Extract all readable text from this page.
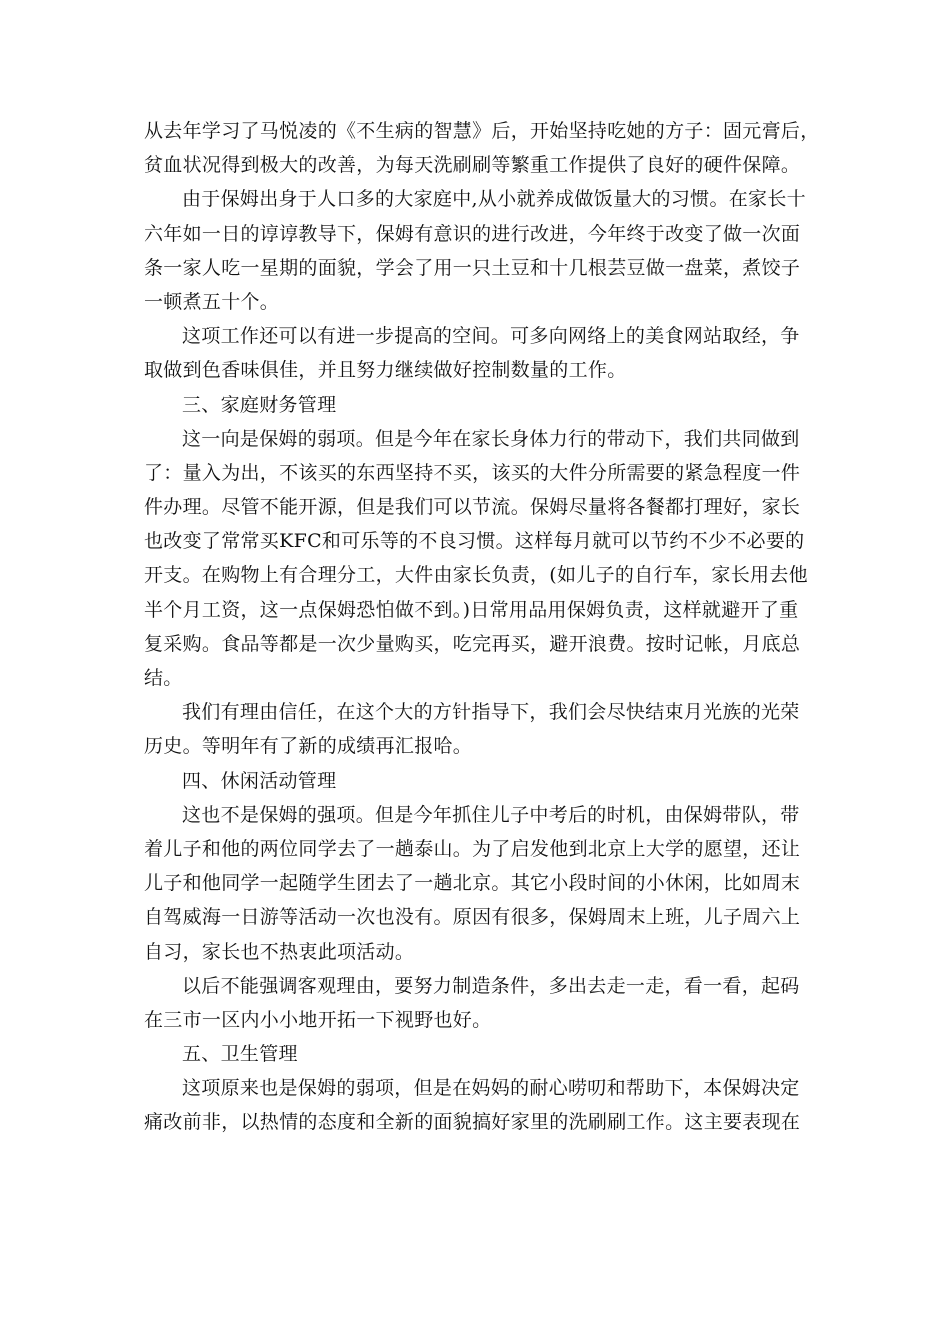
从去年学习了马悦凌的《不生病的智慧》后，开始坚持吃她的方子：固元膏后，
贫血状况得到极大的改善，为每天洗刷刷等繁重工作提供了良好的硬件保障。
由于保姆出身于人口多的大家庭中,从小就养成做饭量大的习惯。在家长十
六年如一日的谆谆教导下，保姆有意识的进行改进，今年终于改变了做一次面
条一家人吃一星期的面貌，学会了用一只土豆和十几根芸豆做一盘菜，煮饺子
一顿煮五十个。
这项工作还可以有进一步提高的空间。可多向网络上的美食网站取经，争
取做到色香味俱佳，并且努力继续做好控制数量的工作。
三、家庭财务管理
这一向是保姆的弱项。但是今年在家长身体力行的带动下，我们共同做到
了：量入为出，不该买的东西坚持不买，该买的大件分所需要的紧急程度一件
件办理。尽管不能开源，但是我们可以节流。保姆尽量将各餐都打理好，家长
也改变了常常买KFC和可乐等的不良习惯。这样每月就可以节约不少不必要的
开支。在购物上有合理分工，大件由家长负责，(如儿子的自行车，家长用去他
半个月工资，这一点保姆恐怕做不到。)日常用品用保姆负责，这样就避开了重
复采购。食品等都是一次少量购买，吃完再买，避开浪费。按时记帐，月底总
结。
我们有理由信任，在这个大的方针指导下，我们会尽快结束月光族的光荣
历史。等明年有了新的成绩再汇报哈。
四、休闲活动管理
这也不是保姆的强项。但是今年抓住儿子中考后的时机，由保姆带队，带
着儿子和他的两位同学去了一趟泰山。为了启发他到北京上大学的愿望，还让
儿子和他同学一起随学生团去了一趟北京。其它小段时间的小休闲，比如周末
自驾威海一日游等活动一次也没有。原因有很多，保姆周末上班，儿子周六上
自习，家长也不热衷此项活动。
以后不能强调客观理由，要努力制造条件，多出去走一走，看一看，起码
在三市一区内小小地开拓一下视野也好。
五、卫生管理
这项原来也是保姆的弱项，但是在妈妈的耐心唠叨和帮助下，本保姆决定
痛改前非，以热情的态度和全新的面貌搞好家里的洗刷刷工作。这主要表现在
